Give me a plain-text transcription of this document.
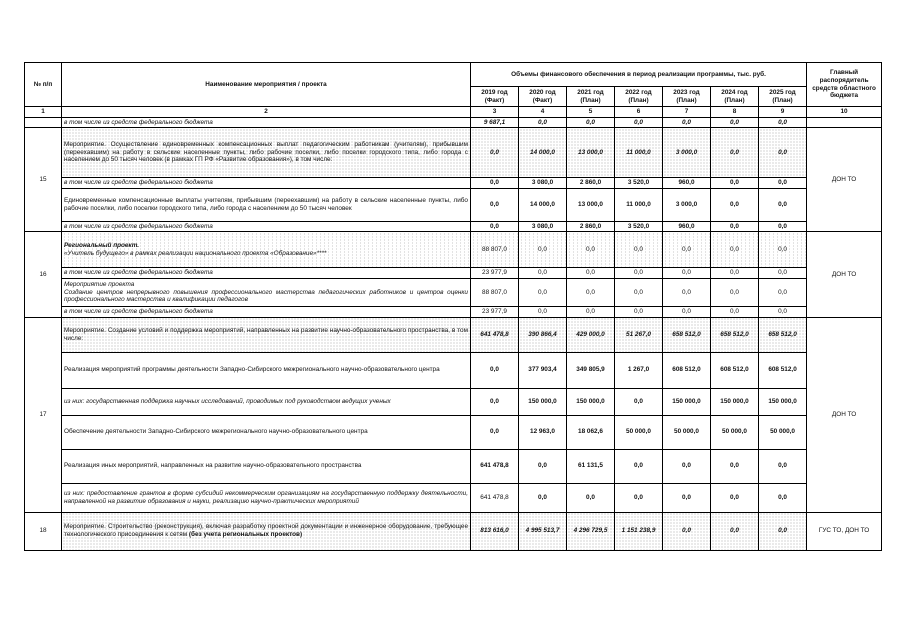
№ п/п	Наименование мероприятия / проекта	Объемы финансового обеспечения в период реализации программы, тыс. руб.							Главный распорядитель средств областного бюджета
		2019 год (Факт)	2020 год (Факт)	2021 год (План)	2022 год (План)	2023 год (План)	2024 год (План)	2025 год (План)	
1	2	3	4	5	6	7	8	9	10
	в том числе из средств федерального бюджета	9 687,1	0,0	0,0	0,0	0,0	0,0	0,0	
15	Мероприятие. Осуществление единовременных компенсационных выплат педагогическим работникам (учителям), прибывшим (переехавшим) на работу в сельские населенные пункты, либо рабочие поселки, либо поселки городского типа, либо города с населением до 50 тысяч человек (в рамках ГП РФ «Развитие образования»), в том числе:	0,0	14 000,0	13 000,0	11 000,0	3 000,0	0,0	0,0	ДОН ТО
	в том числе из средств федерального бюджета	0,0	3 080,0	2 860,0	3 520,0	960,0	0,0	0,0	
	Единовременные компенсационные выплаты учителям, прибывшим (переехавшим) на работу в сельские населенные пункты, либо рабочие поселки, либо поселки городского типа, либо города с населением до 50 тысяч человек	0,0	14 000,0	13 000,0	11 000,0	3 000,0	0,0	0,0	
	в том числе из средств федерального бюджета	0,0	3 080,0	2 860,0	3 520,0	960,0	0,0	0,0	
16	Региональный проект.
«Учитель будущего» в рамках реализации национального проекта «Образование»****	88 807,0	0,0	0,0	0,0	0,0	0,0	0,0	ДОН ТО
	в том числе из средств федерального бюджета	23 977,9	0,0	0,0	0,0	0,0	0,0	0,0	
	Мероприятие проекта
Создание центров непрерывного повышения профессионального мастерства педагогических работников и центров оценки профессионального мастерства и квалификации педагогов	88 807,0	0,0	0,0	0,0	0,0	0,0	0,0	
	в том числе из средств федерального бюджета	23 977,9	0,0	0,0	0,0	0,0	0,0	0,0	
17	Мероприятие. Создание условий и поддержка мероприятий, направленных на развитие научно-образовательного пространства, в том числе:	641 478,8	390 866,4	429 000,0	51 267,0	658 512,0	658 512,0	658 512,0	ДОН ТО
	Реализация мероприятий программы деятельности Западно-Сибирского межрегионального научно-образовательного центра	0,0	377 903,4	349 805,9	1 267,0	608 512,0	608 512,0	608 512,0	
	из них: государственная поддержка научных исследований, проводимых под руководством ведущих ученых	0,0	150 000,0	150 000,0	0,0	150 000,0	150 000,0	150 000,0	
	Обеспечение деятельности Западно-Сибирского межрегионального научно-образовательного центра	0,0	12 963,0	18 062,6	50 000,0	50 000,0	50 000,0	50 000,0	
	Реализация иных мероприятий, направленных на развитие научно-образовательного пространства	641 478,8	0,0	61 131,5	0,0	0,0	0,0	0,0	
	из них: предоставление грантов в форме субсидий некоммерческим организациям на государственную поддержку деятельности, направленной на развитие образования и науки, реализацию научно-практических мероприятий	641 478,8	0,0	0,0	0,0	0,0	0,0	0,0	
18	Мероприятие. Строительство (реконструкция), включая разработку проектной документации и инженерное оборудование, требующее технологического присоединения к сетям (без учета региональных проектов)	813 616,0	4 995 513,7	4 296 729,5	1 151 238,9	0,0	0,0	0,0	ГУС ТО, ДОН ТО
